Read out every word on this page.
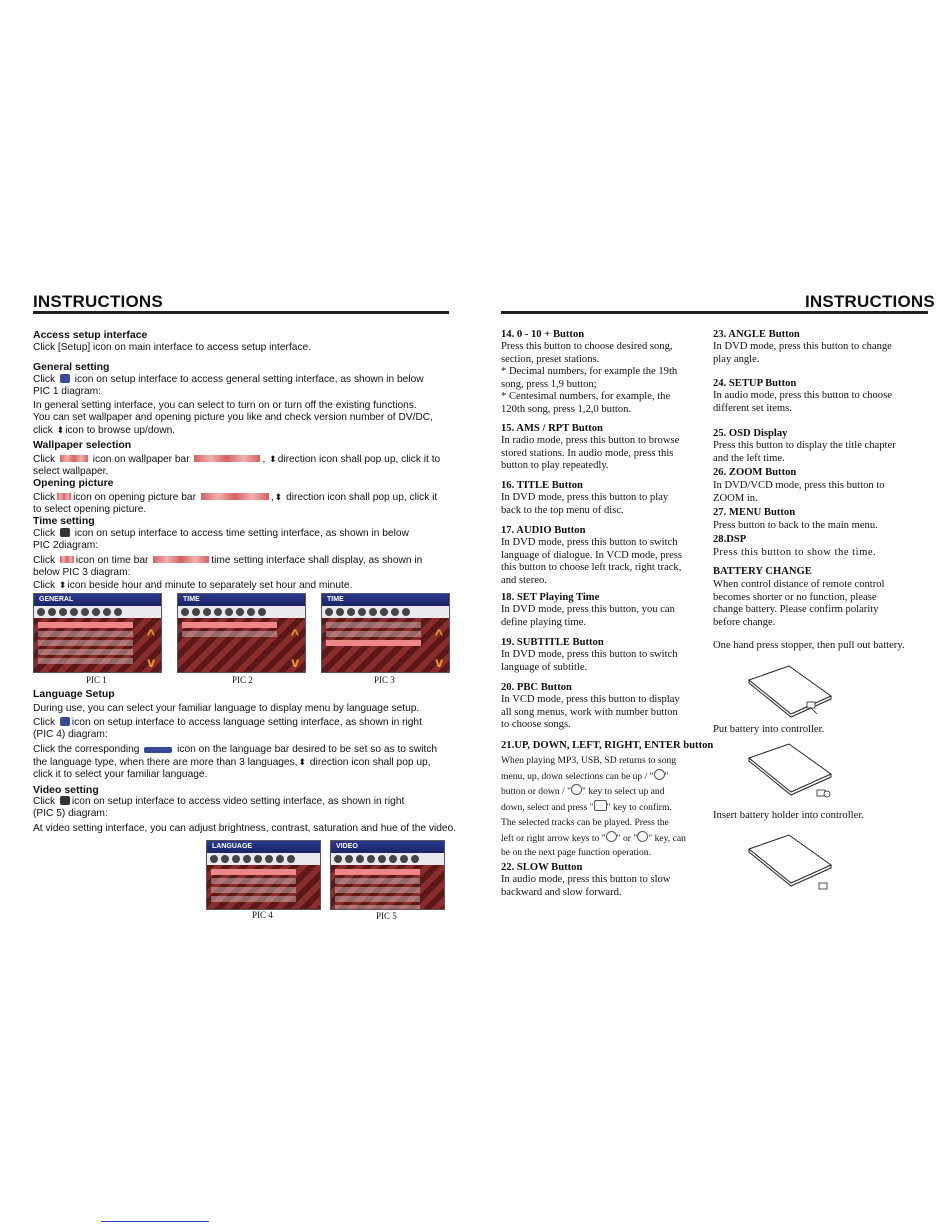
INSTRUCTIONS
Access setup interface
Click [Setup] icon on main interface to access setup interface.
General setting
Click icon on setup interface to access general setting interface, as shown in below
PIC 1 diagram:
In general setting interface, you can select to turn on or turn off the existing functions.
You can set wallpaper and opening picture you like and check version number of DV/DC,
click ⬍icon to browse up/down.
Wallpaper selection
Click	icon on wallpaper bar	, ⬍direction icon shall pop up, click it to
select wallpaper.
Opening picture
Click icon on opening picture bar	,⬍ direction icon shall pop up, click it
to select opening picture.
Time setting
Click icon on setup interface to access time setting interface, as shown in below
PIC 2diagram:
Click icon on time bar	time setting interface shall display, as shown in
below PIC 3 diagram:
Click ⬍icon beside hour and minute to separately set hour and minute.
GENERAL
^
v
PIC 1
TIME
^
v
PIC 2
TIME
^
v
PIC 3
Language Setup
During use, you can select your familiar language to display menu by language setup.
Click icon on setup interface to access language setting interface, as shown in right
(PIC 4) diagram:
Click the corresponding	icon on the language bar desired to be set so as to switch
the language type, when there are more than 3 languages,⬍ direction icon shall pop up,
click it to select your familiar language.
Video setting
Click icon on setup interface to access video setting interface, as shown in right
(PIC 5) diagram:
At video setting interface, you can adjust brightness, contrast, saturation and hue of the video.
LANGUAGE
PIC 4
VIDEO
PIC 5
INSTRUCTIONS
14. 0 - 10 + Button
Press this button to choose desired song,
section, preset stations.
* Decimal numbers, for example the 19th
song, press 1,9 button;
* Centesimal numbers, for example, the
120th song, press 1,2,0 button.
15. AMS / RPT Button
In radio mode, press this button to browse
stored stations. In audio mode, press this
button to play repeatedly.
16. TITLE Button
In DVD mode, press this button to play
back to the top menu of disc.
17. AUDIO Button
In DVD mode, press this button to switch
language of dialogue. In VCD mode, press
this button to choose left track, right track,
and stereo.
18. SET Playing Time
In DVD mode, press this button, you can
define playing time.
19. SUBTITLE Button
In DVD mode, press this button to switch
language of subtitle.
20. PBC Button
In VCD mode, press this button to display
all song menus, work with number button
to choose songs.
21.UP, DOWN, LEFT, RIGHT, ENTER button
When playing MP3, USB, SD returns to song
menu, up, down selections can be up / " "
button or down / " " key to select up and
down, select and press " " key to confirm.
The selected tracks can be played. Press the
left or right arrow keys to " " or " " key, can
be on the next page function operation.
22. SLOW Button
In audio mode, press this button to slow
backward and slow forward.
23. ANGLE Button
In DVD mode, press this button to change
play angle.
24. SETUP Button
In audio mode, press this button to choose
different set items.
25. OSD Display
Press this button to display the title chapter
and the left time.
26. ZOOM Button
In DVD/VCD mode, press this button to
ZOOM in.
27. MENU Button
Press button to back to the main menu.
28.DSP
Press this button to show the time.
BATTERY CHANGE
When control distance of remote control
becomes shorter or no function, please
change battery. Please confirm polarity
before change.
One hand press stopper, then pull out battery.
Put battery into controller.
Insert battery holder into controller.
